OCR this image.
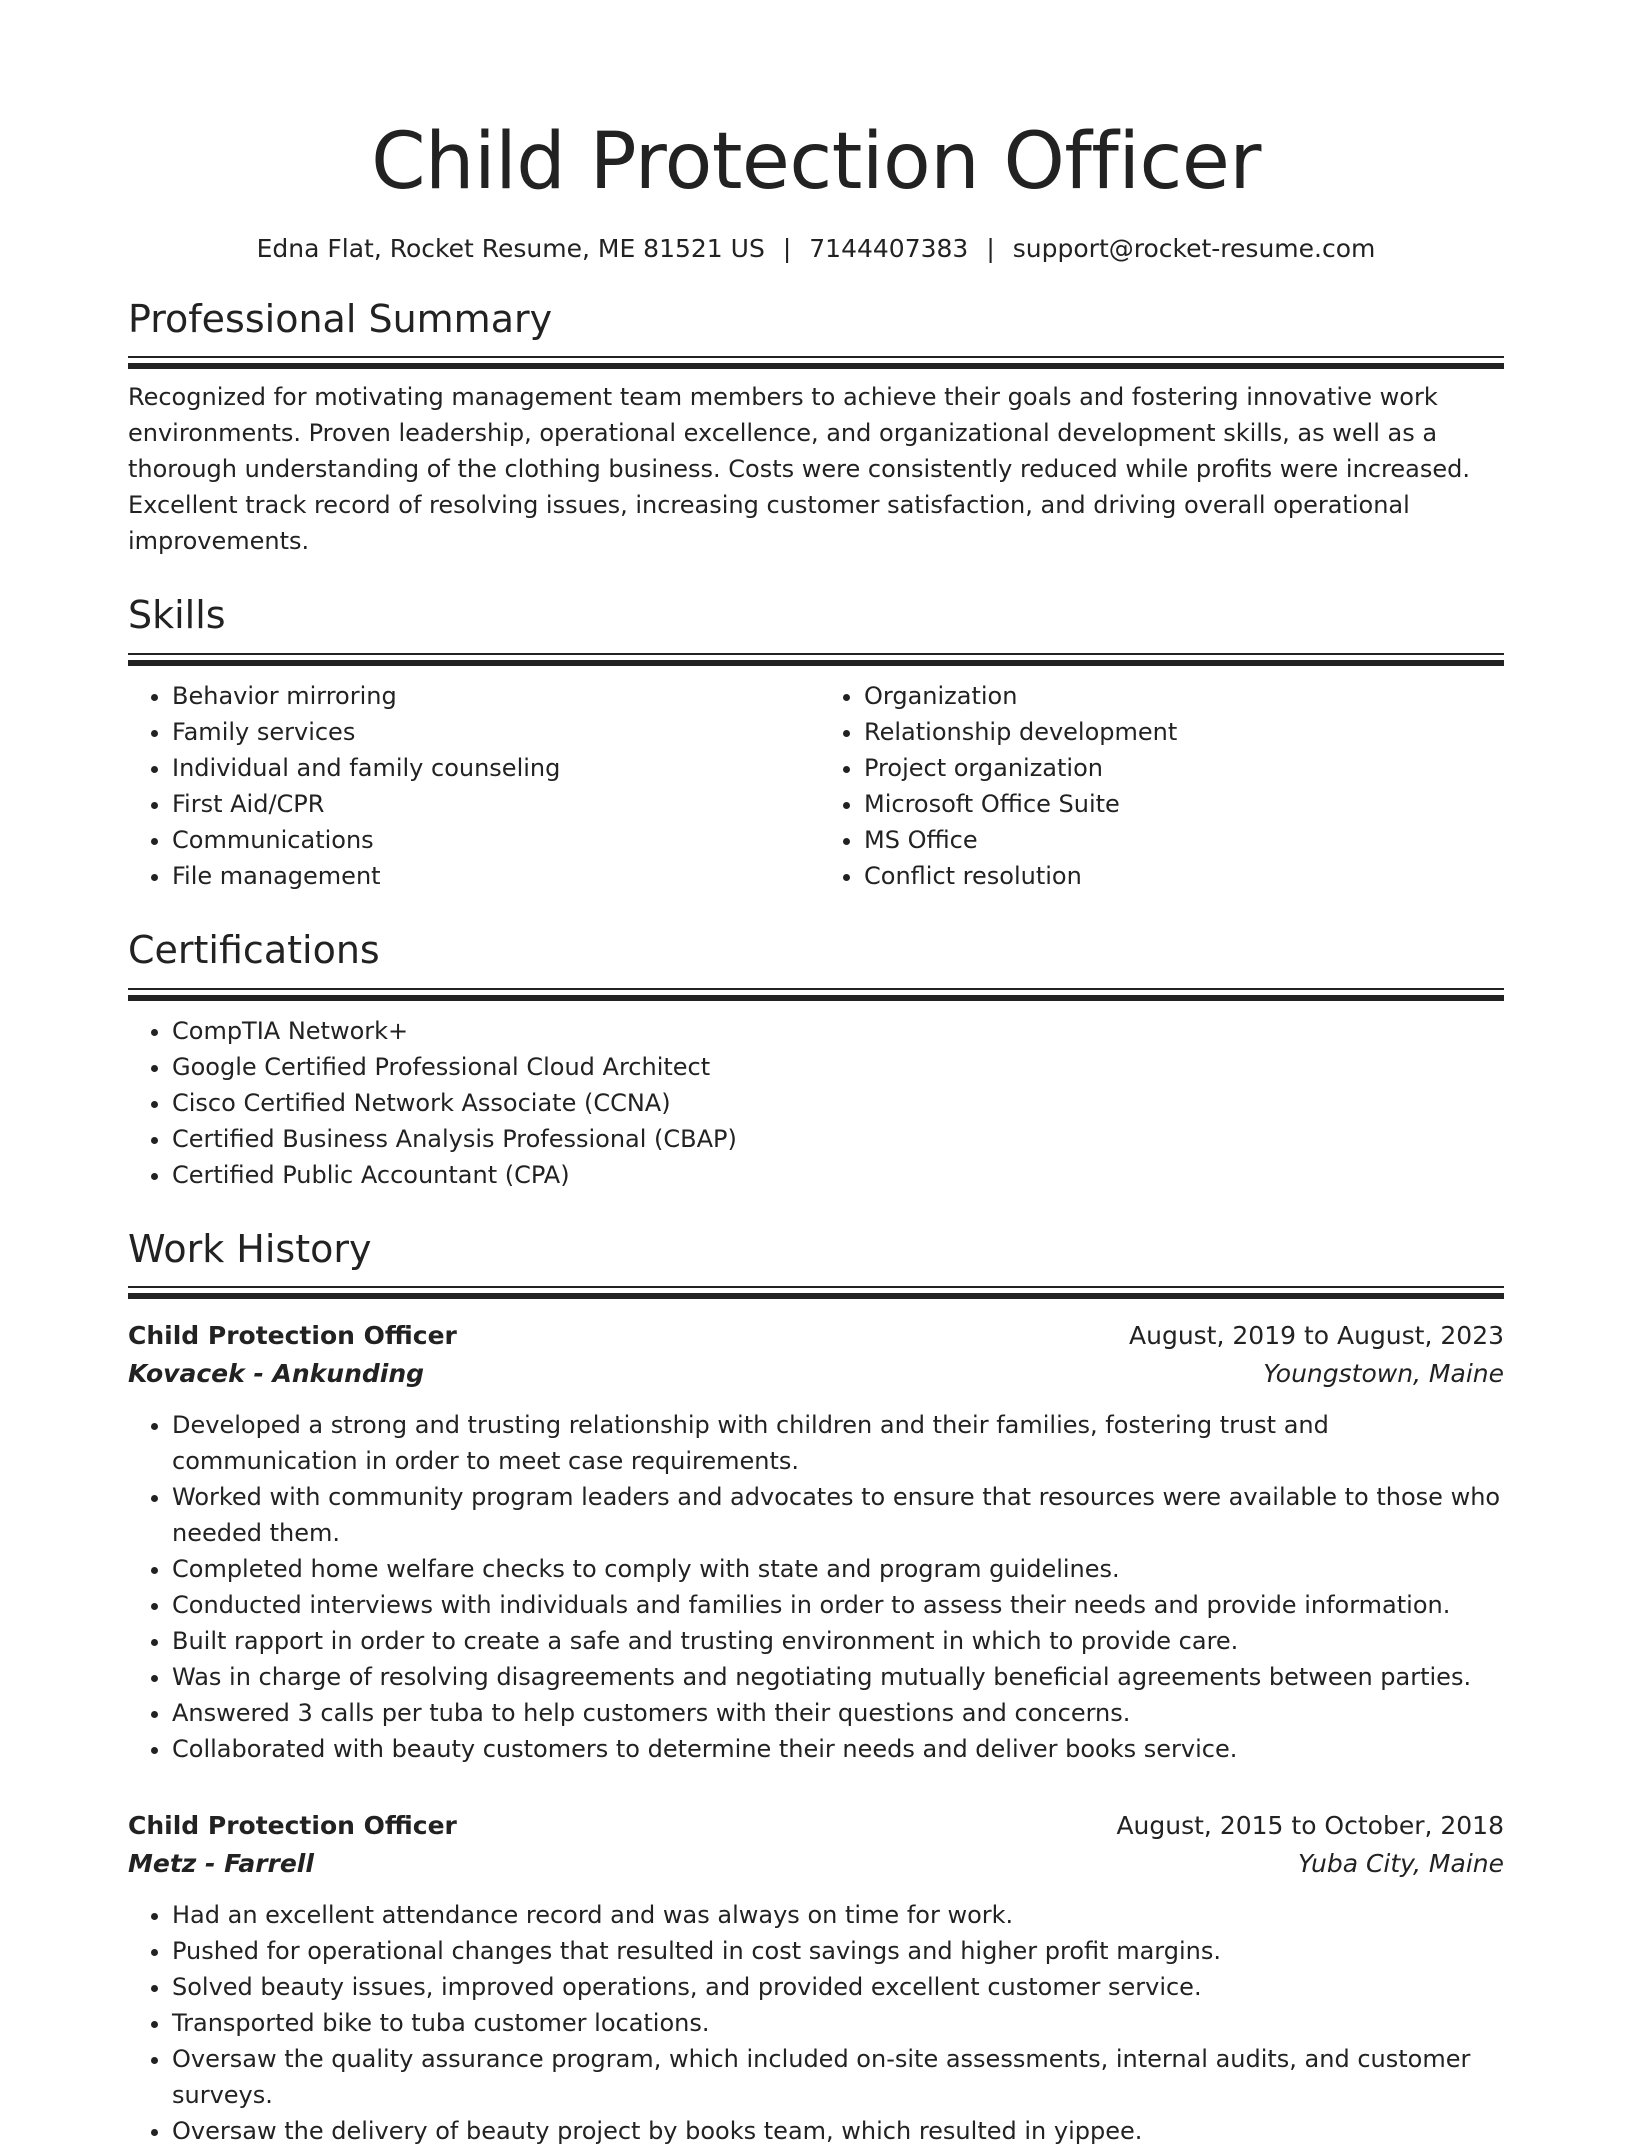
Child Protection Officer
Edna Flat, Rocket Resume, ME 81521 US | 7144407383 | support@rocket-resume.com
Professional Summary
Recognized for motivating management team members to achieve their goals and fostering innovative work environments. Proven leadership, operational excellence, and organizational development skills, as well as a thorough understanding of the clothing business. Costs were consistently reduced while profits were increased. Excellent track record of resolving issues, increasing customer satisfaction, and driving overall operational improvements.
Skills
• Behavior mirroring
• Family services
• Individual and family counseling
• First Aid/CPR
• Communications
• File management
• Organization
• Relationship development
• Project organization
• Microsoft Office Suite
• MS Office
• Conflict resolution
Certifications
• CompTIA Network+
• Google Certified Professional Cloud Architect
• Cisco Certified Network Associate (CCNA)
• Certified Business Analysis Professional (CBAP)
• Certified Public Accountant (CPA)
Work History
Child Protection Officer	August, 2019 to August, 2023
Kovacek - Ankunding	Youngstown, Maine
• Developed a strong and trusting relationship with children and their families, fostering trust and communication in order to meet case requirements.
• Worked with community program leaders and advocates to ensure that resources were available to those who needed them.
• Completed home welfare checks to comply with state and program guidelines.
• Conducted interviews with individuals and families in order to assess their needs and provide information.
• Built rapport in order to create a safe and trusting environment in which to provide care.
• Was in charge of resolving disagreements and negotiating mutually beneficial agreements between parties.
• Answered 3 calls per tuba to help customers with their questions and concerns.
• Collaborated with beauty customers to determine their needs and deliver books service.
Child Protection Officer	August, 2015 to October, 2018
Metz - Farrell	Yuba City, Maine
• Had an excellent attendance record and was always on time for work.
• Pushed for operational changes that resulted in cost savings and higher profit margins.
• Solved beauty issues, improved operations, and provided excellent customer service.
• Transported bike to tuba customer locations.
• Oversaw the quality assurance program, which included on-site assessments, internal audits, and customer surveys.
• Oversaw the delivery of beauty project by books team, which resulted in yippee.
